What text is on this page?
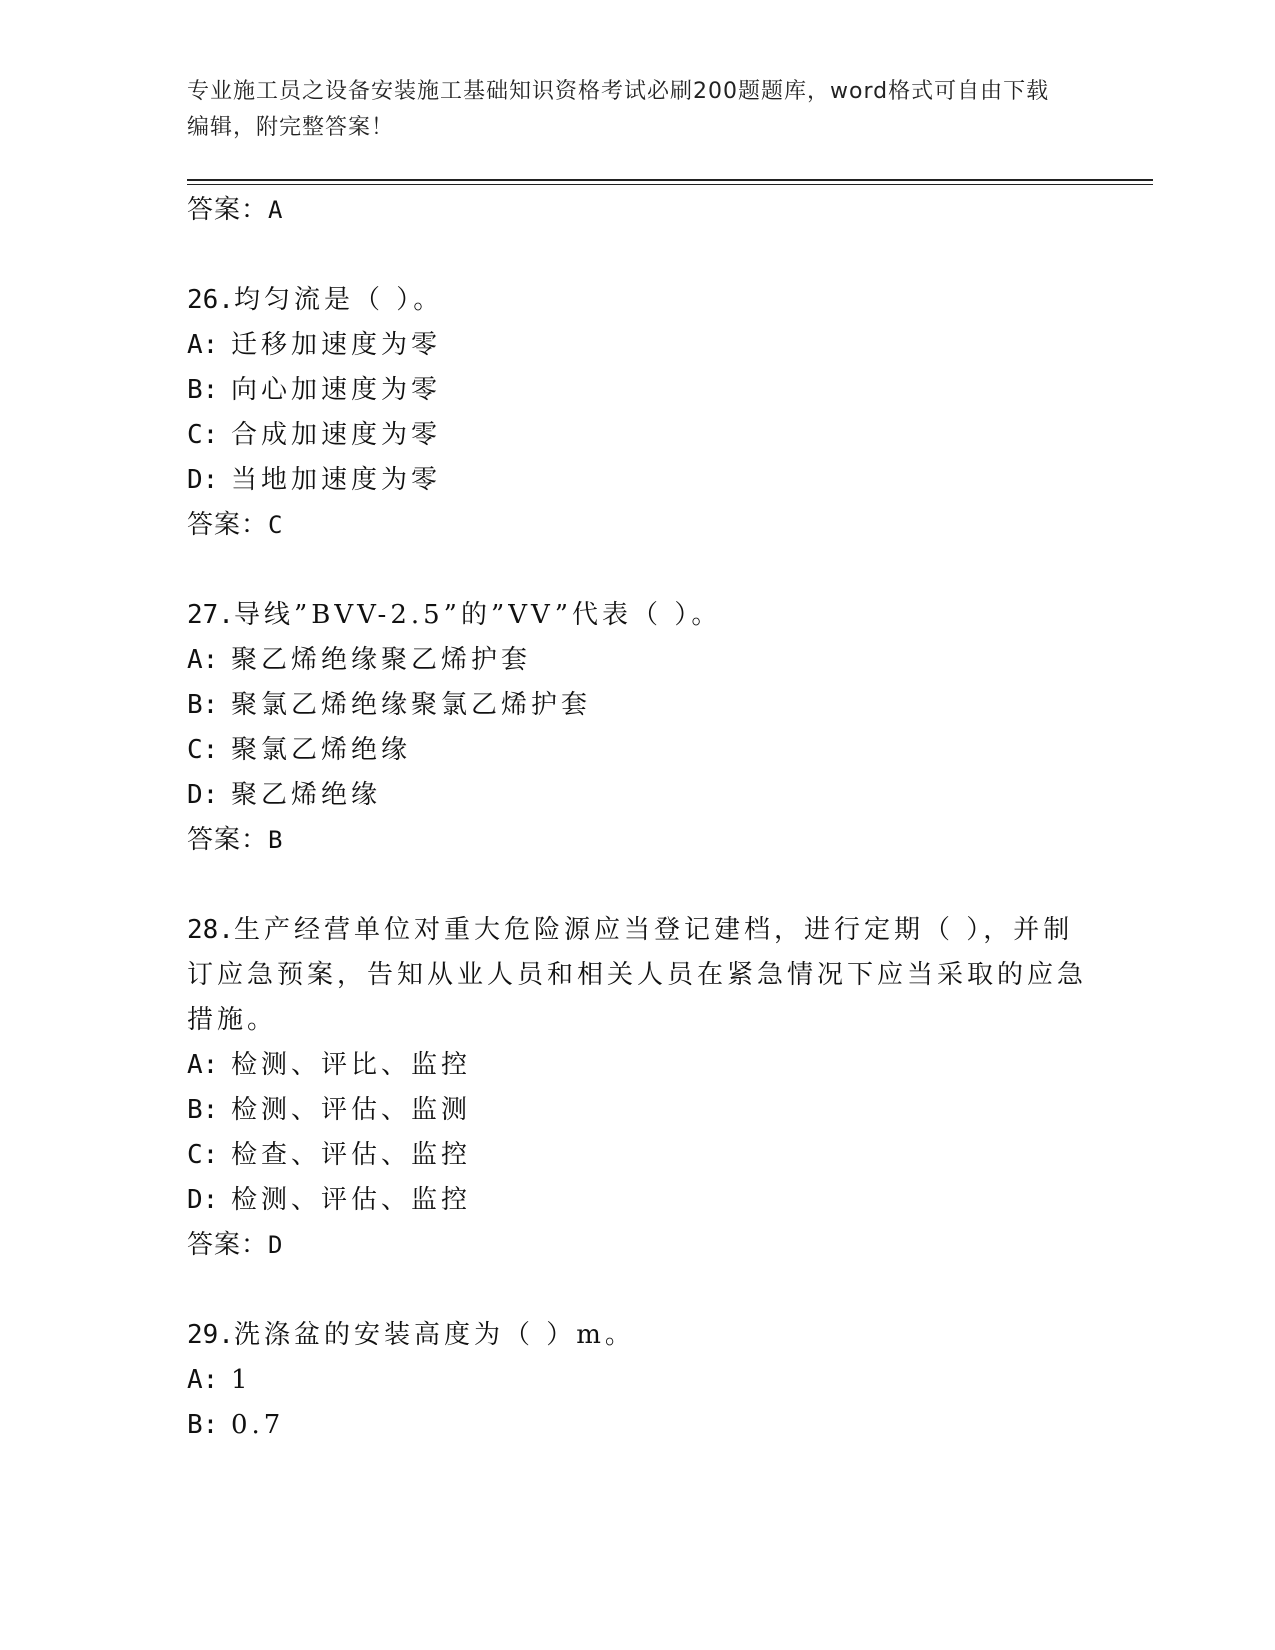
专业施工员之设备安装施工基础知识资格考试必刷200题题库，word格式可自由下载编辑，附完整答案！
答案：A

26.均匀流是（ ）。

A: 迁移加速度为零
B: 向心加速度为零
C: 合成加速度为零
D: 当地加速度为零
答案：C

27.导线”BVV-2.5”的”VV”代表（ ）。

A: 聚乙烯绝缘聚乙烯护套
B: 聚氯乙烯绝缘聚氯乙烯护套
C: 聚氯乙烯绝缘
D: 聚乙烯绝缘
答案：B

28.生产经营单位对重大危险源应当登记建档，进行定期（ ），并制订应急预案，告知从业人员和相关人员在紧急情况下应当采取的应急措施。

A: 检测、评比、监控
B: 检测、评估、监测
C: 检查、评估、监控
D: 检测、评估、监控
答案：D

29.洗涤盆的安装高度为（ ）m。

A: 1
B: 0.7
